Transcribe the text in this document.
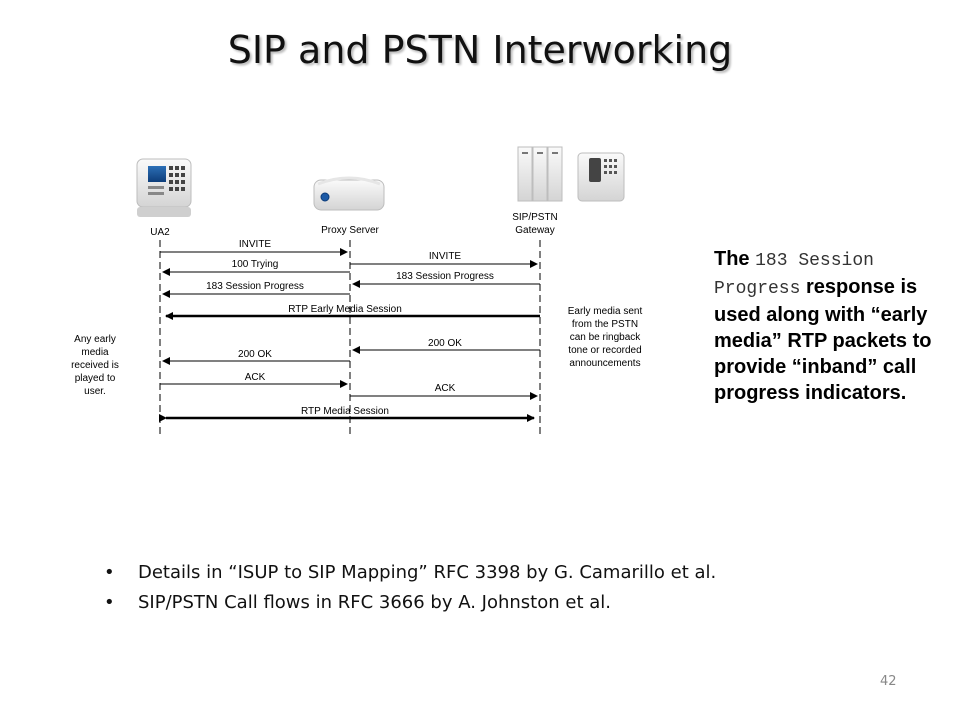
SIP and PSTN Interworking
UA2	Proxy Server
SIP/PSTN
Gateway
INVITE
INVITE
100 Trying
183 Session Progress
183 Session Progress
RTP Early Media Session
200 OK
200 OK
ACK
ACK
RTP Media Session
Any early
media
received is
played to
user.
Early media sent
from the PSTN
can be ringback
tone or recorded
announcements
The 183 Session Progress response is used along with “early media” RTP packets to provide “inband” call progress indicators.
• Details in “ISUP to SIP Mapping” RFC 3398 by G. Camarillo et al.
• SIP/PSTN Call flows in RFC 3666 by A. Johnston et al.
42
